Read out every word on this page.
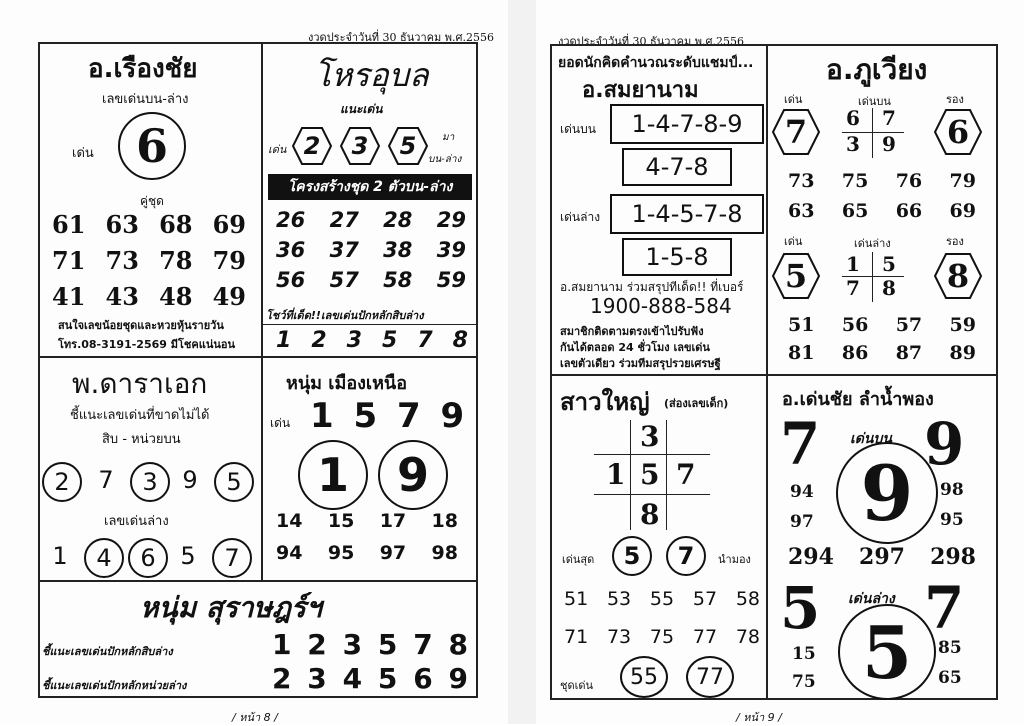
งวดประจำวันที่ 30 ธันวาคม พ.ศ.2556
อ.เรืองชัย
เลขเด่นบน-ล่าง
เด่น 6
คู่ชุด
61 63 68 69
71 73 78 79
41 43 48 49
สนใจเลขน้อยชุดและหวยหุ้นรายวัน
โทร.08-3191-2569 มีโชคแน่นอน
โหรอุบล
แนะเด่น
เด่น 2 3 5	มา
บน-ล่าง
โครงสร้างชุด 2 ตัวบน-ล่าง
26 27 28 29
36 37 38 39
56 57 58 59
โชว์ที่เด็ด!!เลขเด่นปักหลักสิบล่าง
1 2 3 5 7 8
พ.ดาราเอก
ชี้แนะเลขเด่นที่ขาดไม่ได้
สิบ - หน่วยบน
2	7	3	9	5
เลขเด่นล่าง
1	4	6	5	7
หนุ่ม เมืองเหนือ
เด่น 1 5 7 9
1	9
14 15 17 18
94 95 97 98
หนุ่ม สุราษฎร์ฯ
ชี้แนะเลขเด่นปักหลักสิบล่าง	1 2 3 5 7 8
ชี้แนะเลขเด่นปักหลักหน่วยล่าง	2 3 4 5 6 9
/ หน้า 8 /
งวดประจำวันที่ 30 ธันวาคม พ.ศ.2556
ยอดนักคิดคำนวณระดับแชมป์...
อ.สมยานาม
เด่นบน	1-4-7-8-9
4-7-8
เด่นล่าง	1-4-5-7-8
1-5-8
อ.สมยานาม ร่วมสรุปทีเด็ด!! ที่เบอร์
1900-888-584
สมาชิกติดตามตรงเข้าไปรับฟัง
กันได้ตลอด 24 ชั่วโมง เลขเด่น
เลขตัวเดียว ร่วมทีมสรุปรวยเศรษฐี
อ.ภูเวียง
เด่น	เด่นบน	รอง
7 6 7
3 9 6
73 75 76 79
63 65 66 69
เด่น	เด่นล่าง	รอง
5 1 5
7 8 8
51 56 57 59
81 86 87 89
สาวใหญ่ (ส่องเลขเด็ก)
3
1 5 7
8
เด่นสุด	5	7	นำมอง
51 53 55 57 58
71 73 75 77 78
ชุดเด่น	55	77
อ.เด่นชัย ลำน้ำพอง
7 เด่นบน 9
9
94
97
98
95
294 297 298
5 เด่นล่าง 7
5
15
75
85
65
/ หน้า 9 /
